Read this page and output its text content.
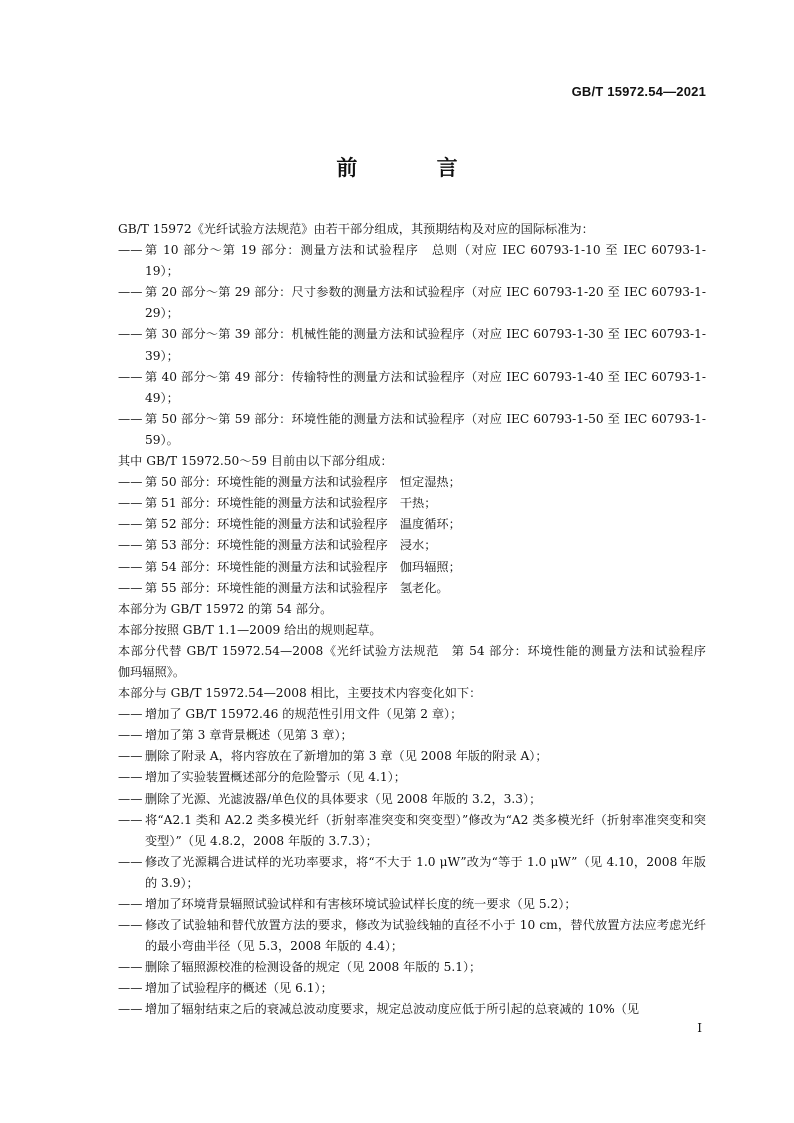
GB/T 15972.54—2021
前 言

GB/T 15972《光纤试验方法规范》由若干部分组成，其预期结构及对应的国际标准为：

—— 第 10 部分～第 19 部分：测量方法和试验程序　总则（对应 IEC 60793-1-10 至 IEC 60793-1-19）；

—— 第 20 部分～第 29 部分：尺寸参数的测量方法和试验程序（对应 IEC 60793-1-20 至 IEC 60793-1-29）；

—— 第 30 部分～第 39 部分：机械性能的测量方法和试验程序（对应 IEC 60793-1-30 至 IEC 60793-1-39）；

—— 第 40 部分～第 49 部分：传输特性的测量方法和试验程序（对应 IEC 60793-1-40 至 IEC 60793-1-49）；

—— 第 50 部分～第 59 部分：环境性能的测量方法和试验程序（对应 IEC 60793-1-50 至 IEC 60793-1-59）。

其中 GB/T 15972.50～59 目前由以下部分组成：

—— 第 50 部分：环境性能的测量方法和试验程序　恒定湿热；

—— 第 51 部分：环境性能的测量方法和试验程序　干热；

—— 第 52 部分：环境性能的测量方法和试验程序　温度循环；

—— 第 53 部分：环境性能的测量方法和试验程序　浸水；

—— 第 54 部分：环境性能的测量方法和试验程序　伽玛辐照；

—— 第 55 部分：环境性能的测量方法和试验程序　氢老化。

本部分为 GB/T 15972 的第 54 部分。

本部分按照 GB/T 1.1—2009 给出的规则起草。

本部分代替 GB/T 15972.54—2008《光纤试验方法规范　第 54 部分：环境性能的测量方法和试验程序　伽玛辐照》。

本部分与 GB/T 15972.54—2008 相比，主要技术内容变化如下：

—— 增加了 GB/T 15972.46 的规范性引用文件（见第 2 章）；

—— 增加了第 3 章背景概述（见第 3 章）；

—— 删除了附录 A，将内容放在了新增加的第 3 章（见 2008 年版的附录 A）；

—— 增加了实验装置概述部分的危险警示（见 4.1）；

—— 删除了光源、光滤波器/单色仪的具体要求（见 2008 年版的 3.2，3.3）；

—— 将“A2.1 类和 A2.2 类多模光纤（折射率准突变和突变型）”修改为“A2 类多模光纤（折射率准突变和突变型）”（见 4.8.2，2008 年版的 3.7.3）；

—— 修改了光源耦合进试样的光功率要求，将“不大于 1.0 μW”改为“等于 1.0 μW”（见 4.10，2008 年版的 3.9）；

—— 增加了环境背景辐照试验试样和有害核环境试验试样长度的统一要求（见 5.2）；

—— 修改了试验轴和替代放置方法的要求，修改为试验线轴的直径不小于 10 cm，替代放置方法应考虑光纤的最小弯曲半径（见 5.3，2008 年版的 4.4）；

—— 删除了辐照源校准的检测设备的规定（见 2008 年版的 5.1）；

—— 增加了试验程序的概述（见 6.1）；

—— 增加了辐射结束之后的衰减总波动度要求，规定总波动度应低于所引起的总衰减的 10%（见

I
